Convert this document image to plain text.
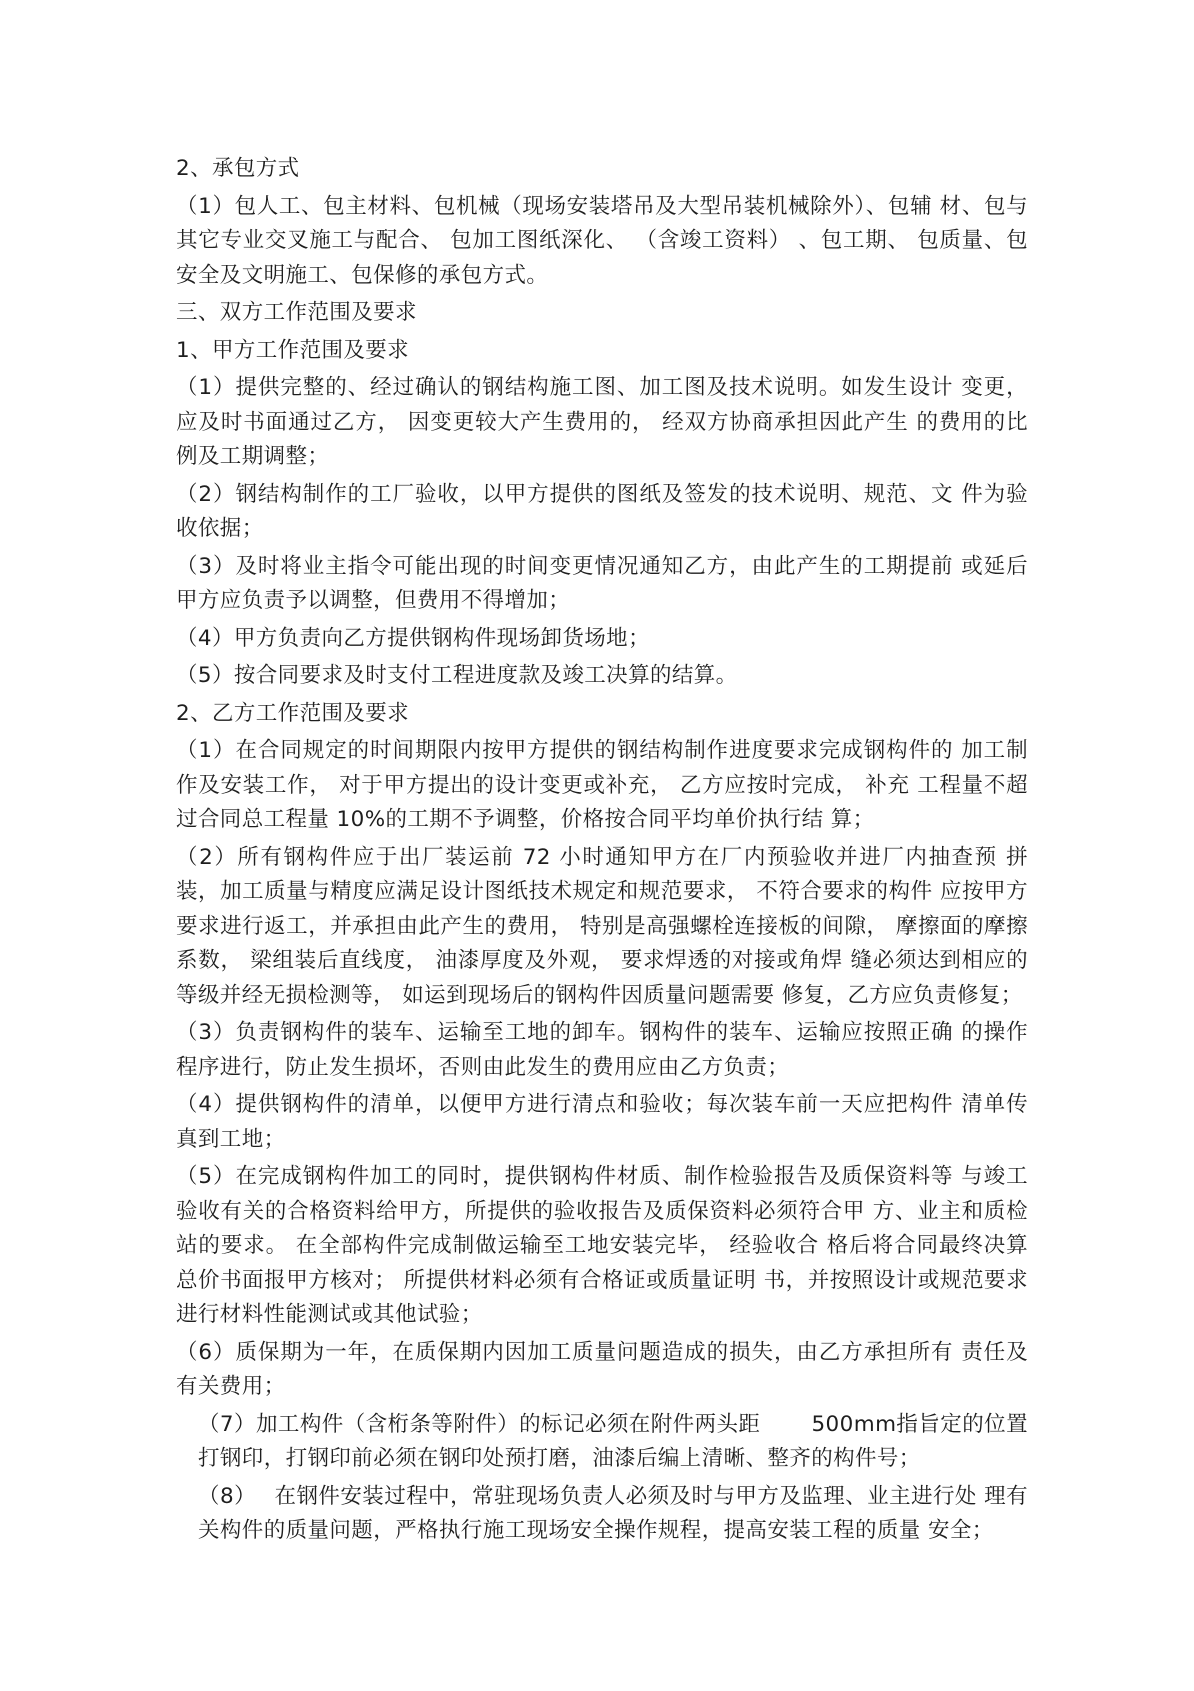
2、承包方式

（1）包人工、包主材料、包机械（现场安装塔吊及大型吊装机械除外）、包辅 材、包与其它专业交叉施工与配合、 包加工图纸深化、 （含竣工资料） 、包工期、 包质量、包安全及文明施工、包保修的承包方式。

三、双方工作范围及要求

1、甲方工作范围及要求

（1）提供完整的、经过确认的钢结构施工图、加工图及技术说明。如发生设计 变更，应及时书面通过乙方， 因变更较大产生费用的， 经双方协商承担因此产生 的费用的比例及工期调整；

（2）钢结构制作的工厂验收，以甲方提供的图纸及签发的技术说明、规范、文 件为验收依据；

（3）及时将业主指令可能出现的时间变更情况通知乙方，由此产生的工期提前 或延后甲方应负责予以调整，但费用不得增加；

（4）甲方负责向乙方提供钢构件现场卸货场地；

（5）按合同要求及时支付工程进度款及竣工决算的结算。

2、乙方工作范围及要求

（1）在合同规定的时间期限内按甲方提供的钢结构制作进度要求完成钢构件的 加工制作及安装工作， 对于甲方提出的设计变更或补充， 乙方应按时完成， 补充 工程量不超过合同总工程量 10%的工期不予调整，价格按合同平均单价执行结 算；

（2）所有钢构件应于出厂装运前 72 小时通知甲方在厂内预验收并进厂内抽查预 拼装，加工质量与精度应满足设计图纸技术规定和规范要求， 不符合要求的构件 应按甲方要求进行返工，并承担由此产生的费用， 特别是高强螺栓连接板的间隙， 摩擦面的摩擦系数， 梁组装后直线度， 油漆厚度及外观， 要求焊透的对接或角焊 缝必须达到相应的等级并经无损检测等， 如运到现场后的钢构件因质量问题需要 修复，乙方应负责修复；

（3）负责钢构件的装车、运输至工地的卸车。钢构件的装车、运输应按照正确 的操作程序进行，防止发生损坏，否则由此发生的费用应由乙方负责；

（4）提供钢构件的清单，以便甲方进行清点和验收；每次装车前一天应把构件 清单传真到工地；

（5）在完成钢构件加工的同时，提供钢构件材质、制作检验报告及质保资料等 与竣工验收有关的合格资料给甲方，所提供的验收报告及质保资料必须符合甲 方、业主和质检站的要求。 在全部构件完成制做运输至工地安装完毕， 经验收合 格后将合同最终决算总价书面报甲方核对； 所提供材料必须有合格证或质量证明 书，并按照设计或规范要求进行材料性能测试或其他试验；

（6）质保期为一年，在质保期内因加工质量问题造成的损失，由乙方承担所有 责任及有关费用；

（7）加工构件（含桁条等附件）的标记必须在附件两头距　　 500mm指旨定的位置打钢印，打钢印前必须在钢印处预打磨，油漆后编上清晰、整齐的构件号；

（8）　 在钢件安装过程中，常驻现场负责人必须及时与甲方及监理、业主进行处 理有关构件的质量问题，严格执行施工现场安全操作规程，提高安装工程的质量 安全；
